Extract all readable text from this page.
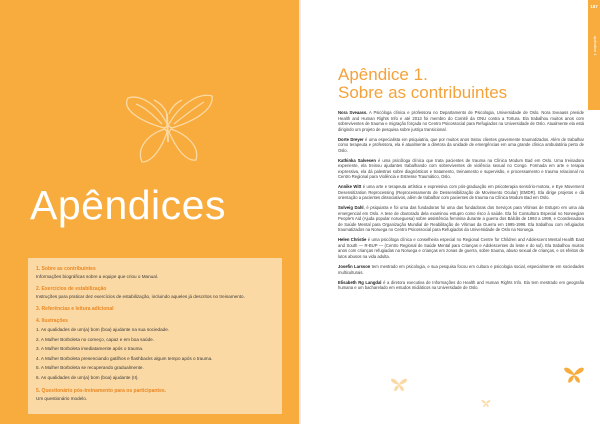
Apêndices
1. Sobre as contribuintes
Informações biográficas sobre a equipe que criou o Manual.
2. Exercícios de estabilização
Instruções para praticar dez exercícios de estabilização, incluindo aqueles já descritos no treinamento.
3. Referências e leitura adicional
4. Ilustrações
1. As qualidades de um(a) bom (boa) ajudante na sua sociedade.
2. A Mulher Borboleta no começo, capaz e em boa saúde.
3. A Mulher Borboleta imediatamente após o trauma.
4. A Mulher Borboleta presenciando gatilhos e flashbacks algum tempo após o trauma.
5. A Mulher Borboleta se recuperando gradualmente.
6. As qualidades de um(a) bom (boa) ajudante (II).
5. Questionário pós-treinamento para os participantes.
Um questionário modelo.
187
apêndice 1
Apêndice 1.
Sobre as contribuintes

Nora Sveaass. A Psicóloga clínica e professora no Departamento de Psicologia, Universidade de Oslo. Nora Sveaass preside Health and Human Rights Info e até 2013 foi membro do Comitê da ONU contra a Tortura. Ela trabalhou muitos anos com sobreviventes de trauma e migração forçada no Centro Psicossocial para Refugiados na Universidade de Oslo. Atualmente ela está dirigindo um projeto de pesquisa sobre justiça transicional.

Dorte Dreyer é uma especialista em psiquiatria, que por muitos anos tratou clientes gravemente traumatizados. Além de trabalhar como terapeuta e professora, ela é atualmente a diretora da unidade de emergências em uma grande clínica ambulatória perto de Oslo.

Kathinka Salvesen é uma psicóloga clínica que trata pacientes de trauma na Clínica Modum Bad em Oslo. Uma treinadora experiente, ela treinou ajudantes trabalhando com sobreviventes de violência sexual no Congo. Formada em arte e terapia expressiva, ela dá palestras sobre diagnósticos e tratamento, treinamento e supervisão, e processamento e trauma relacional no Centro Regional para Violência e Estresse Traumático, Oslo.

Annike Witt é uma arte e terapeuta artística e expressiva com pós-graduação em psicoterapia sensório-motora, e Eye Movement Desensitization Reprocessing (Reprocessamento de Dessensibilização de Movimento Ocular) (EMDR). Ela dirige projetos e dá orientação a pacientes dissociativos, além de trabalhar com pacientes de trauma na Clínica Modum Bad em Oslo.

Solveig Dahl, é psiquiatra e foi uma das fundadoras foi uma das fundadoras dos Serviços para Vítimas de Estupro em uma ala emergencial em Oslo. A tese de doutorado dela examinou estupro como risco à saúde. Ela foi Consultora Especial no Norwegian People's Aid (Ajuda popular norueguesa) sobre assistência feminina durante a guerra dos Bálcãs de 1993 a 1999, e Coordenadora de Saúde Mental para Organização Mundial de Reabilitação de Vítimas da Guerra em 1995-1996. Ela trabalhou com refugiados traumatizados na Noruega no Centro Psicossocial para Refugiados da Universidade de Oslo na Noruega.

Helen Christie é uma psicóloga clínica e conselheira especial no Regional Centre for Children and Adolescent Mental Health East and South — R-BUP — (Centro Regional de Saúde Mental para Crianças e Adolescentes do leste e do sul). Ela trabalhou muitos anos com crianças refugiadas na Noruega e crianças em zonas de guerra, sobre trauma, abuso sexual de crianças, e os efeitos de lutos abusos na vida adulta.

Josefin Larsson tem mestrado em psicologia, e sua pesquisa focou em cultura e psicologia social, especialmente em sociedades multiculturais.

Elisabeth Rg Langdal é a diretora executiva de Informações do Health and Human Rights Info. Ela tem mestrado em geografia humana e um bacharelado em estudos midiáticos na Universidade de Oslo.
